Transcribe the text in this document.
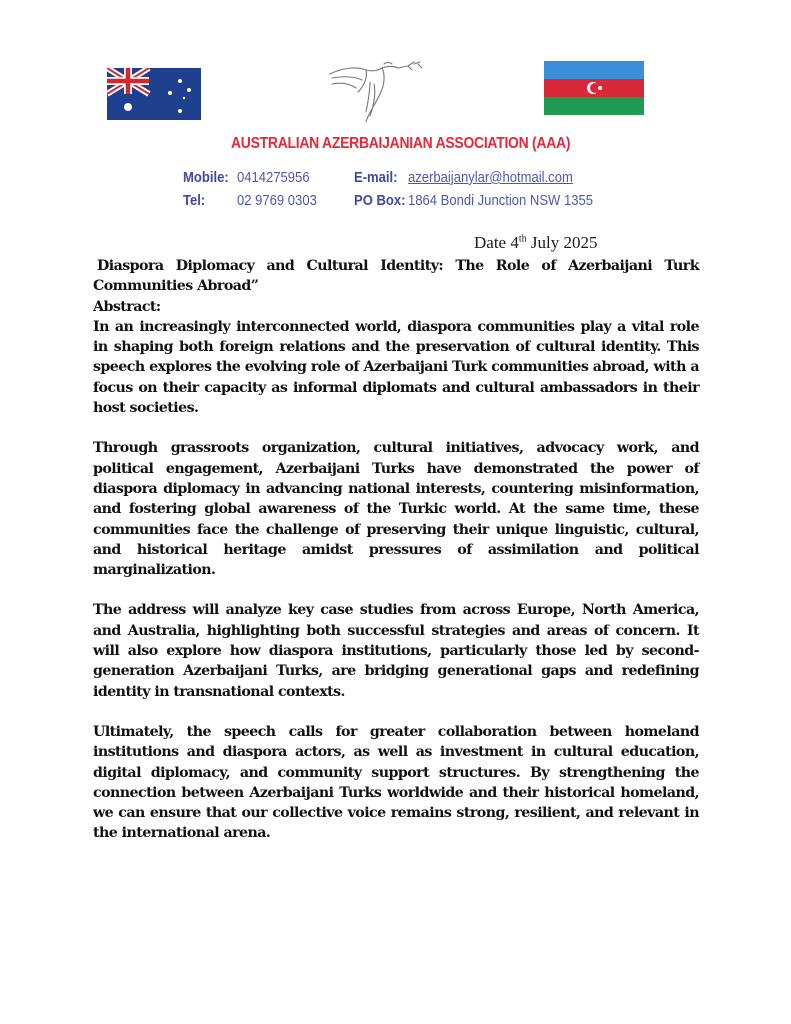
AUSTRALIAN AZERBAIJANIAN ASSOCIATION (AAA)
Mobile: 0414275956
Tel: 02 9769 0303
E-mail: azerbaijanylar@hotmail.com
PO Box: 1864 Bondi Junction NSW 1355
Date 4th July 2025

Diaspora Diplomacy and Cultural Identity: The Role of Azerbaijani Turk Communities Abroad”

Abstract:

In an increasingly interconnected world, diaspora communities play a vital role in shaping both foreign relations and the preservation of cultural identity. This speech explores the evolving role of Azerbaijani Turk communities abroad, with a focus on their capacity as informal diplomats and cultural ambassadors in their host societies.

Through grassroots organization, cultural initiatives, advocacy work, and political engagement, Azerbaijani Turks have demonstrated the power of diaspora diplomacy in advancing national interests, countering misinformation, and fostering global awareness of the Turkic world. At the same time, these communities face the challenge of preserving their unique linguistic, cultural, and historical heritage amidst pressures of assimilation and political marginalization.

The address will analyze key case studies from across Europe, North America, and Australia, highlighting both successful strategies and areas of concern. It will also explore how diaspora institutions, particularly those led by second-generation Azerbaijani Turks, are bridging generational gaps and redefining identity in transnational contexts.

Ultimately, the speech calls for greater collaboration between homeland institutions and diaspora actors, as well as investment in cultural education, digital diplomacy, and community support structures. By strengthening the connection between Azerbaijani Turks worldwide and their historical homeland, we can ensure that our collective voice remains strong, resilient, and relevant in the international arena.
